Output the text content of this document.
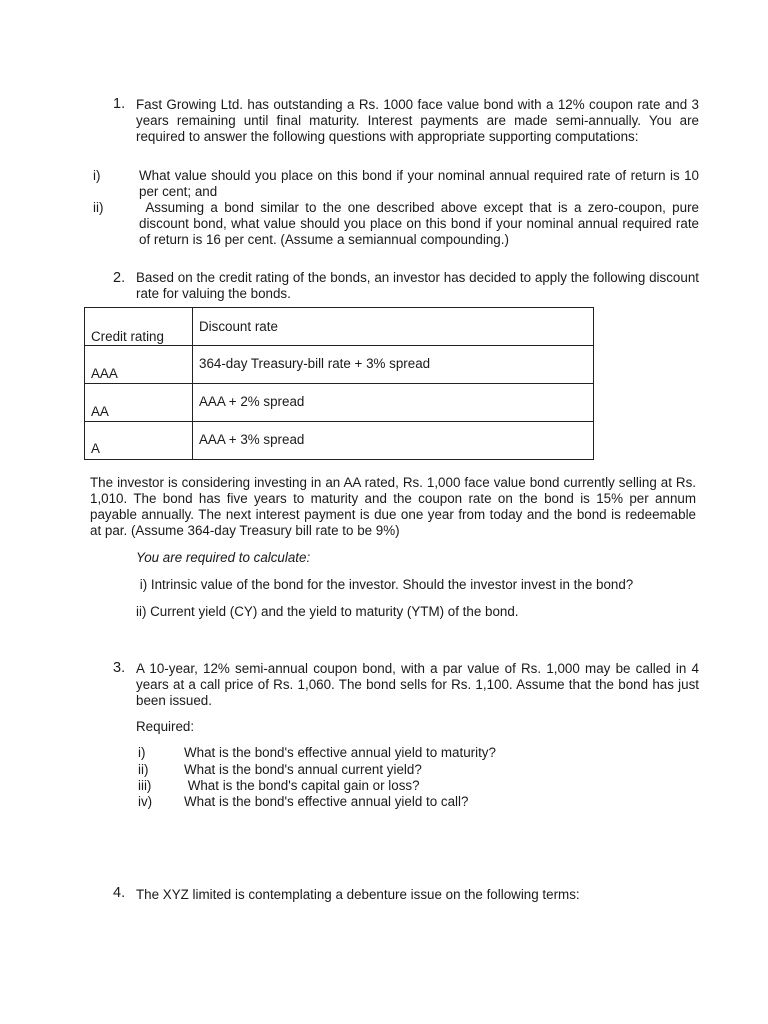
1. Fast Growing Ltd. has outstanding a Rs. 1000 face value bond with a 12% coupon rate and 3 years remaining until final maturity. Interest payments are made semi-annually. You are required to answer the following questions with appropriate supporting computations:
i)	What value should you place on this bond if your nominal annual required rate of return is 10 per cent; and
ii)	Assuming a bond similar to the one described above except that is a zero-coupon, pure discount bond, what value should you place on this bond if your nominal annual required rate of return is 16 per cent. (Assume a semiannual compounding.)
2. Based on the credit rating of the bonds, an investor has decided to apply the following discount rate for valuing the bonds.
Credit rating	Discount rate

AAA	364-day Treasury-bill rate + 3% spread

AA	AAA + 2% spread

A	AAA + 3% spread
The investor is considering investing in an AA rated, Rs. 1,000 face value bond currently selling at Rs. 1,010. The bond has five years to maturity and the coupon rate on the bond is 15% per annum payable annually. The next interest payment is due one year from today and the bond is redeemable at par. (Assume 364-day Treasury bill rate to be 9%)
You are required to calculate:
i) Intrinsic value of the bond for the investor. Should the investor invest in the bond?
ii) Current yield (CY) and the yield to maturity (YTM) of the bond.
3. A 10-year, 12% semi-annual coupon bond, with a par value of Rs. 1,000 may be called in 4 years at a call price of Rs. 1,060. The bond sells for Rs. 1,100. Assume that the bond has just been issued.
Required:
i)	What is the bond's effective annual yield to maturity?
ii)	What is the bond's annual current yield?
iii) What is the bond's capital gain or loss?
iv) What is the bond's effective annual yield to call?
4. The XYZ limited is contemplating a debenture issue on the following terms:
